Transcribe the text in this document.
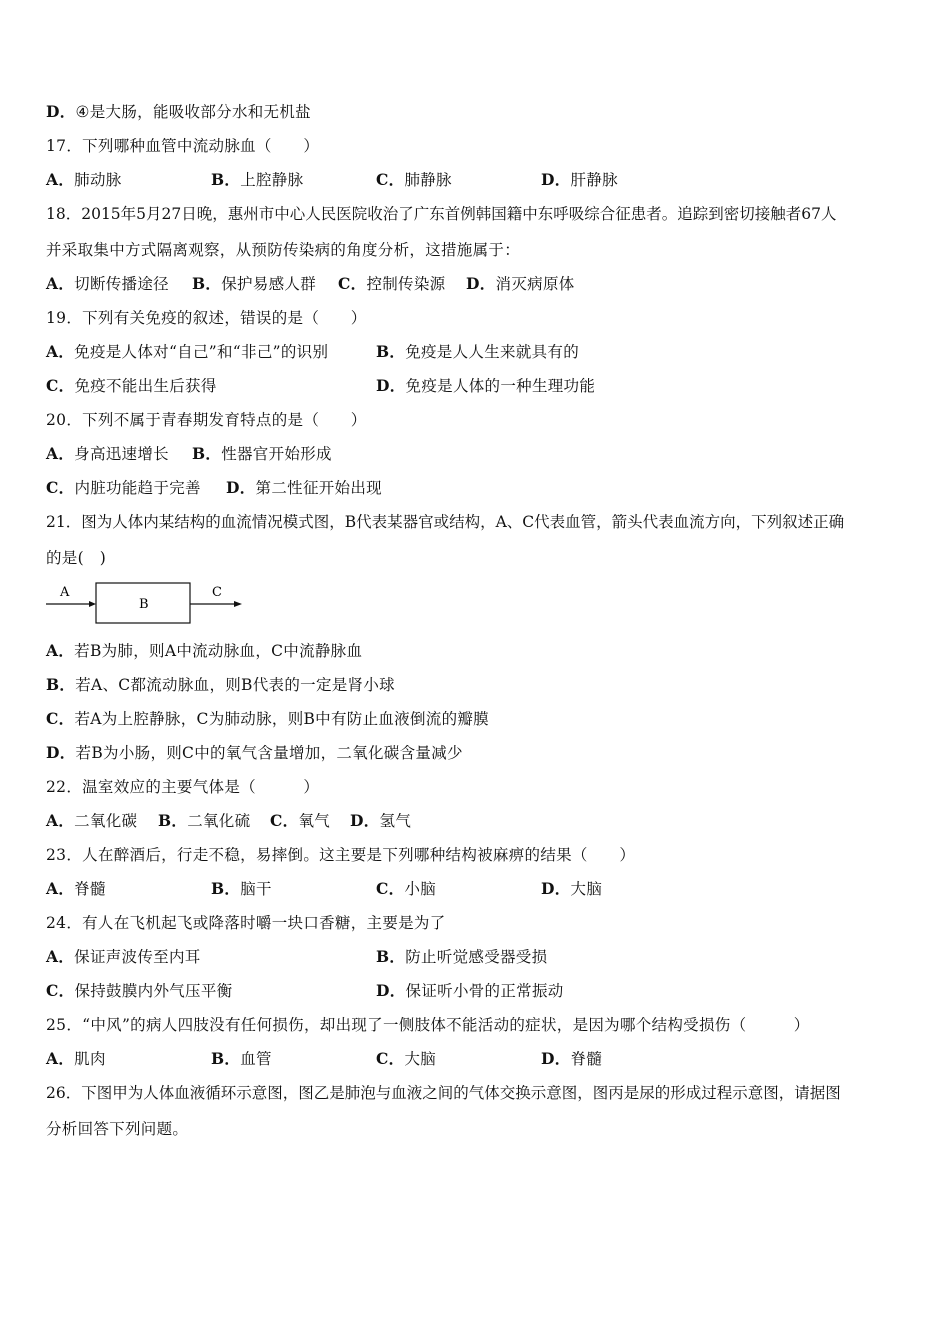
D．④是大肠，能吸收部分水和无机盐
17．下列哪种血管中流动脉血（　　）
A．肺动脉	B．上腔静脉	C．肺静脉	D．肝静脉
18．2015年5月27日晚，惠州市中心人民医院收治了广东首例韩国籍中东呼吸综合征患者。追踪到密切接触者67人
并采取集中方式隔离观察，从预防传染病的角度分析，这措施属于：
A．切断传播途径 B．保护易感人群 C．控制传染源 D．消灭病原体
19．下列有关免疫的叙述，错误的是（　　）
A．免疫是人体对“自己”和“非己”的识别	B．免疫是人人生来就具有的
C．免疫不能出生后获得	D．免疫是人体的一种生理功能
20．下列不属于青春期发育特点的是（　　）
A．身高迅速增长 B．性器官开始形成
C．内脏功能趋于完善 D．第二性征开始出现
21．图为人体内某结构的血流情况模式图，B代表某器官或结构，A、C代表血管，箭头代表血流方向，下列叙述正确
的是(　)
A
B
C
A．若B为肺，则A中流动脉血，C中流静脉血
B．若A、C都流动脉血，则B代表的一定是肾小球
C．若A为上腔静脉，C为肺动脉，则B中有防止血液倒流的瓣膜
D．若B为小肠，则C中的氧气含量增加，二氧化碳含量减少
22．温室效应的主要气体是（　　　）
A．二氧化碳 B．二氧化硫 C．氧气 D．氢气
23．人在醉酒后，行走不稳，易摔倒。这主要是下列哪种结构被麻痹的结果（　　）
A．脊髓	B．脑干	C．小脑	D．大脑
24．有人在飞机起飞或降落时嚼一块口香糖，主要是为了
A．保证声波传至内耳	B．防止听觉感受器受损
C．保持鼓膜内外气压平衡	D．保证听小骨的正常振动
25．“中风”的病人四肢没有任何损伤，却出现了一侧肢体不能活动的症状，是因为哪个结构受损伤（　　　）
A．肌肉	B．血管	C．大脑	D．脊髓
26．下图甲为人体血液循环示意图，图乙是肺泡与血液之间的气体交换示意图，图丙是尿的形成过程示意图，请据图
分析回答下列问题。
